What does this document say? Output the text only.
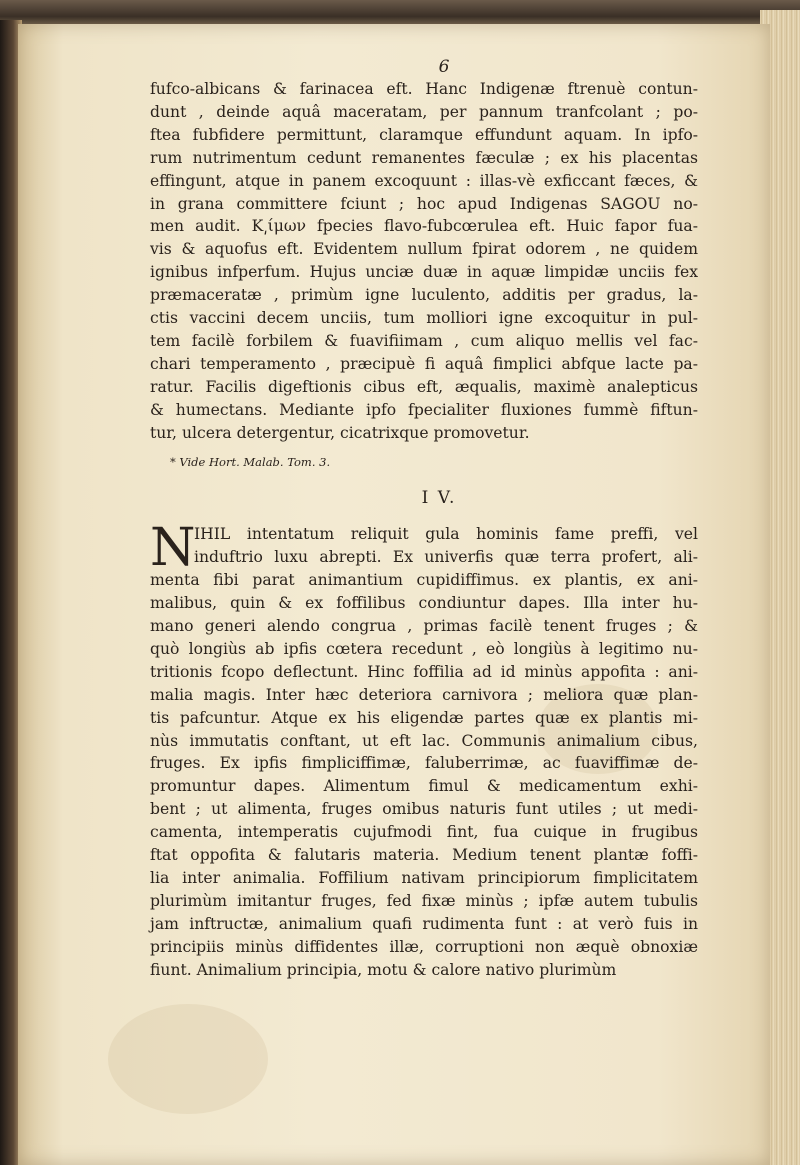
6
fufco-albicans & farinacea eft. Hanc Indigenæ ftrenuè contun-
dunt , deinde aquâ maceratam, per pannum tranfcolant ; po-
ftea fubfidere permittunt, claramque effundunt aquam. In ipfo-
rum nutrimentum cedunt remanentes fæculæ ; ex his placentas
effingunt, atque in panem excoquunt : illas-vè exficcant fæces, &
in grana committere fciunt ; hoc apud Indigenas SAGOU no-
men audit. K͵ίμων fpecies flavo-fubcœrulea eft. Huic fapor fua-
vis & aquofus eft. Evidentem nullum fpirat odorem , ne quidem
ignibus infperfum. Hujus unciæ duæ in aquæ limpidæ unciis fex
præmaceratæ , primùm igne luculento, additis per gradus, la-
ctis vaccini decem unciis, tum molliori igne excoquitur in pul-
tem facilè forbilem & fuavifiimam , cum aliquo mellis vel fac-
chari temperamento , præcipuè fi aquâ fimplici abfque lacte pa-
ratur. Facilis digeftionis cibus eft, æqualis, maximè analepticus
& humectans. Mediante ipfo fpecialiter fluxiones fummè fiftun-
tur, ulcera detergentur, cicatrixque promovetur.
* Vide Hort. Malab. Tom. 3.
I V.
N
IHIL intentatum reliquit gula hominis fame preffi, vel
induftrio luxu abrepti. Ex univerfis quæ terra profert, ali-
menta fibi parat animantium cupidiffimus. ex plantis, ex ani-
malibus, quin & ex foffilibus condiuntur dapes. Illa inter hu-
mano generi alendo congrua , primas facilè tenent fruges ; &
quò longiùs ab ipfis cœtera recedunt , eò longiùs à legitimo nu-
tritionis fcopo deflectunt. Hinc foffilia ad id minùs appofita : ani-
malia magis. Inter hæc deteriora carnivora ; meliora quæ plan-
tis pafcuntur. Atque ex his eligendæ partes quæ ex plantis mi-
nùs immutatis conftant, ut eft lac. Communis animalium cibus,
fruges. Ex ipfis fimpliciffimæ, faluberrimæ, ac fuaviffimæ de-
promuntur dapes. Alimentum fimul & medicamentum exhi-
bent ; ut alimenta, fruges omibus naturis funt utiles ; ut medi-
camenta, intemperatis cujufmodi fint, fua cuique in frugibus
ftat oppofita & falutaris materia. Medium tenent plantæ foffi-
lia inter animalia. Foffilium nativam principiorum fimplicitatem
plurimùm imitantur fruges, fed fixæ minùs ; ipfæ autem tubulis
jam inftructæ, animalium quafi rudimenta funt : at verò fuis in
principiis minùs diffidentes illæ, corruptioni non æquè obnoxiæ
fiunt. Animalium principia, motu & calore nativo plurimùm
